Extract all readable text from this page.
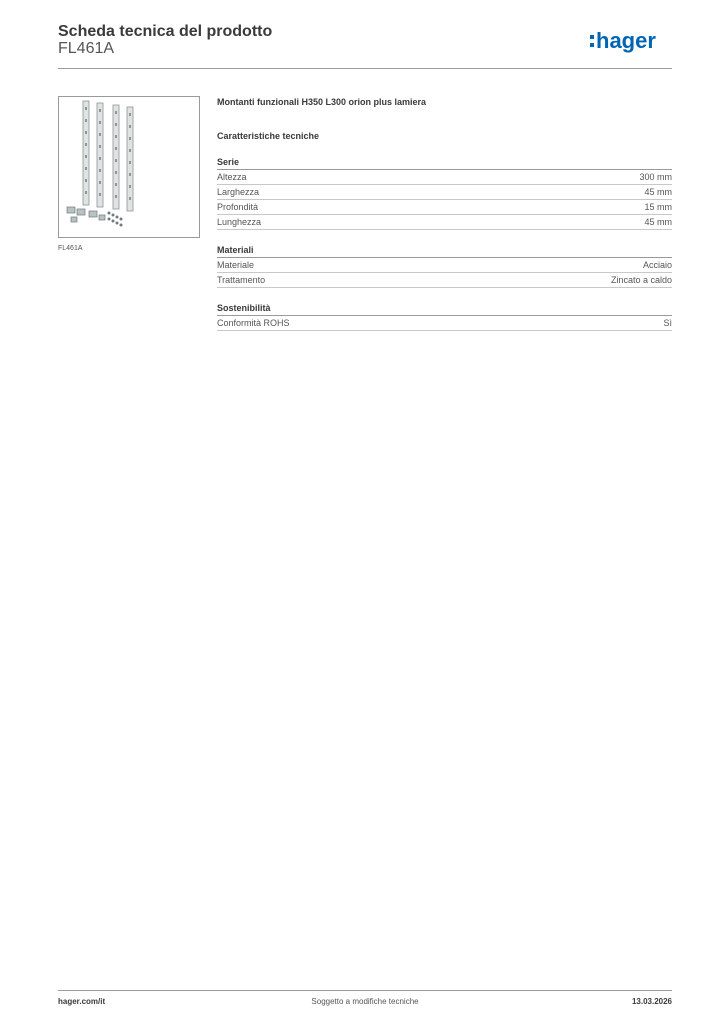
Scheda tecnica del prodotto
FL461A	hager
FL461A
Montanti funzionali H350 L300 orion plus lamiera
Caratteristiche tecniche
Serie
Altezza	300 mm
Larghezza	45 mm
Profondità	15 mm
Lunghezza	45 mm
Materiali
Materiale	Acciaio
Trattamento	Zincato a caldo
Sostenibilità
Conformità ROHS	Sì
hager.com/it	Soggetto a modifiche tecniche	13.03.2026
